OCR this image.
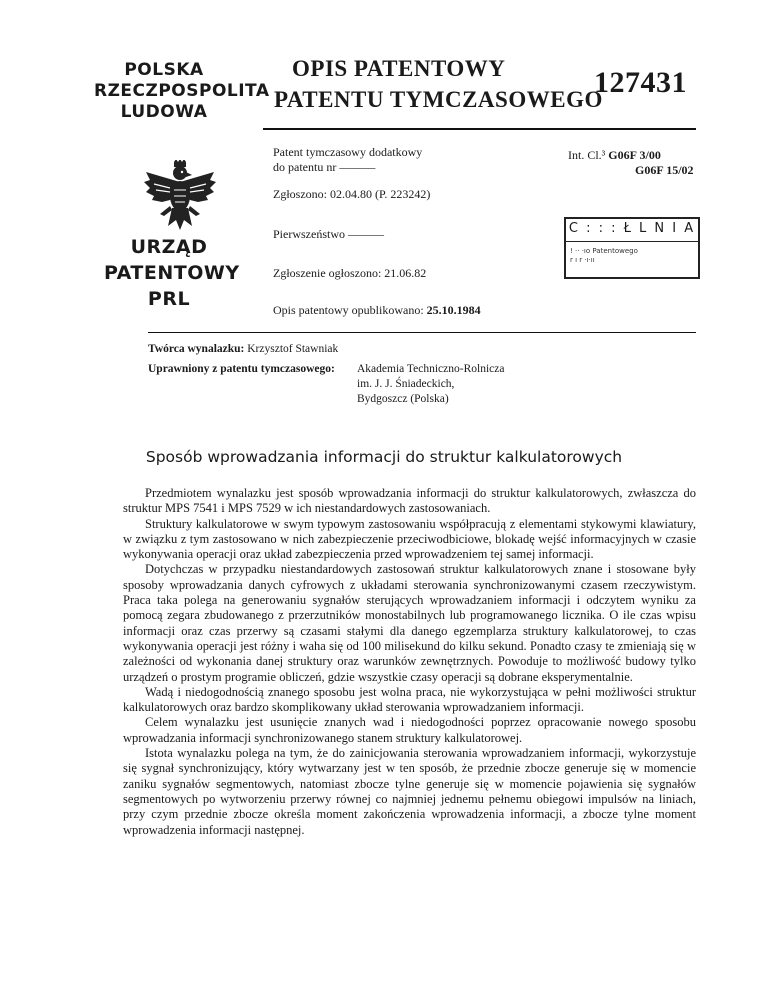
POLSKA
RZECZPOSPOLITA
LUDOWA
URZĄD
PATENTOWY
PRL
OPIS PATENTOWY
PATENTU TYMCZASOWEGO
127431
Patent tymczasowy dodatkowy
do patentu nr ———
Int. Cl.³ G06F 3/00
G06F 15/02
Zgłoszono: 02.04.80 (P. 223242)
Pierwszeństwo ———
Zgłoszenie ogłoszono: 21.06.82
Opis patentowy opublikowano: 25.10.1984
C : : : Ł L N I A
! ·· ·ıo Patentowego
r ı r ·ı·ıı
Twórca wynalazku: Krzysztof Stawniak
Uprawniony z patentu tymczasowego: Akademia Techniczno-Rolnicza
im. J. J. Śniadeckich,
Bydgoszcz (Polska)
Sposób wprowadzania informacji do struktur kalkulatorowych

Przedmiotem wynalazku jest sposób wprowadzania informacji do struktur kalkulatorowych, zwłaszcza do struktur MPS 7541 i MPS 7529 w ich niestandardowych zastosowaniach.

Struktury kalkulatorowe w swym typowym zastosowaniu współpracują z elementami stykowymi klawiatury, w związku z tym zastosowano w nich zabezpieczenie przeciwodbiciowe, blokadę wejść informacyjnych w czasie wykonywania operacji oraz układ zabezpieczenia przed wprowadzeniem tej samej informacji.

Dotychczas w przypadku niestandardowych zastosowań struktur kalkulatorowych znane i stosowane były sposoby wprowadzania danych cyfrowych z układami sterowania synchronizowanymi czasem rzeczywistym. Praca taka polega na generowaniu sygnałów sterujących wprowadzaniem informacji i odczytem wyniku za pomocą zegara zbudowanego z przerzutników monostabilnych lub programowanego licznika. O ile czas wpisu informacji oraz czas przerwy są czasami stałymi dla danego egzemplarza struktury kalkulatorowej, to czas wykonywania operacji jest różny i waha się od 100 milisekund do kilku sekund. Ponadto czasy te zmieniają się w zależności od wykonania danej struktury oraz warunków zewnętrznych. Powoduje to możliwość budowy tylko urządzeń o prostym programie obliczeń, gdzie wszystkie czasy operacji są dobrane eksperymentalnie.

Wadą i niedogodnością znanego sposobu jest wolna praca, nie wykorzystująca w pełni możliwości struktur kalkulatorowych oraz bardzo skomplikowany układ sterowania wprowadzaniem informacji.

Celem wynalazku jest usunięcie znanych wad i niedogodności poprzez opracowanie nowego sposobu wprowadzania informacji synchronizowanego stanem struktury kalkulatorowej.

Istota wynalazku polega na tym, że do zainicjowania sterowania wprowadzaniem informacji, wykorzystuje się sygnał synchronizujący, który wytwarzany jest w ten sposób, że przednie zbocze generuje się w momencie zaniku sygnałów segmentowych, natomiast zbocze tylne generuje się w momencie pojawienia się sygnałów segmentowych po wytworzeniu przerwy równej co najmniej jednemu pełnemu obiegowi impulsów na liniach, przy czym przednie zbocze określa moment zakończenia wprowadzenia informacji, a zbocze tylne moment wprowadzenia informacji następnej.
